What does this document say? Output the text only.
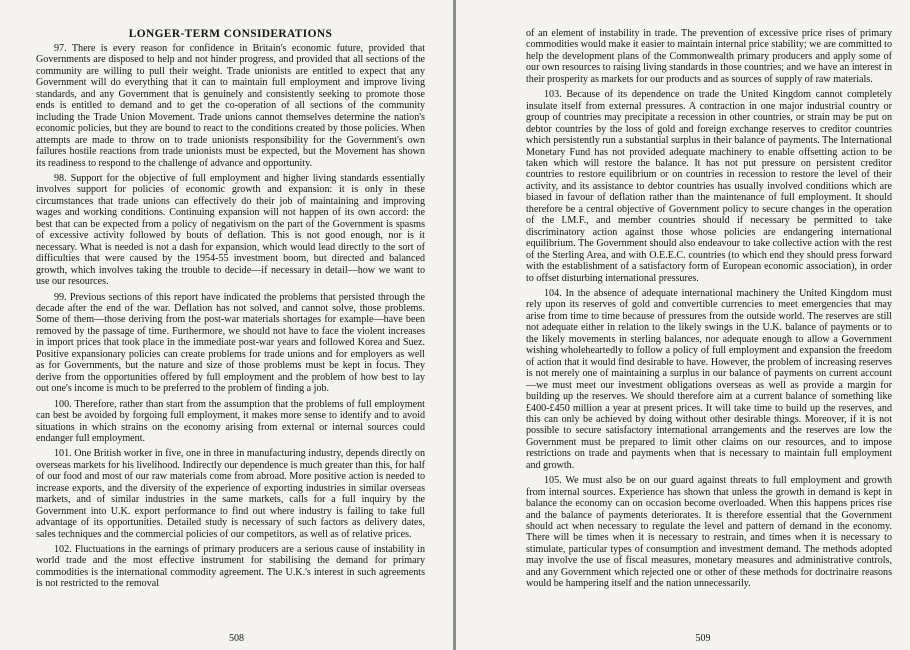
LONGER-TERM CONSIDERATIONS

97. There is every reason for confidence in Britain's economic future, provided that Governments are disposed to help and not hinder progress, and provided that all sections of the community are willing to pull their weight. Trade unionists are entitled to expect that any Government will do everything that it can to maintain full employment and improve living standards, and any Government that is genuinely and consistently seeking to promote those ends is entitled to demand and to get the co-operation of all sections of the community including the Trade Union Movement. Trade unions cannot themselves determine the nation's economic policies, but they are bound to react to the conditions created by those policies. When attempts are made to throw on to trade unionists responsibility for the Government's own failures hostile reactions from trade unionists must be expected, but the Movement has shown its readiness to respond to the challenge of advance and opportunity.

98. Support for the objective of full employment and higher living standards essentially involves support for policies of economic growth and expansion: it is only in these circumstances that trade unions can effectively do their job of maintaining and improving wages and working conditions. Continuing expansion will not happen of its own accord: the best that can be expected from a policy of negativism on the part of the Government is spasms of excessive activity followed by bouts of deflation. This is not good enough, nor is it necessary. What is needed is not a dash for expansion, which would lead directly to the sort of difficulties that were caused by the 1954-55 investment boom, but directed and balanced growth, which involves taking the trouble to decide—if necessary in detail—how we want to use our resources.

99. Previous sections of this report have indicated the problems that persisted through the decade after the end of the war. Deflation has not solved, and cannot solve, those problems. Some of them—those deriving from the post-war materials shortages for example—have been removed by the passage of time. Furthermore, we should not have to face the violent increases in import prices that took place in the immediate post-war years and followed Korea and Suez. Positive expansionary policies can create problems for trade unions and for employers as well as for Governments, but the nature and size of those problems must be kept in focus. They derive from the opportunities offered by full employment and the problem of how best to lay out one's income is much to be preferred to the problem of finding a job.

100. Therefore, rather than start from the assumption that the problems of full employment can best be avoided by forgoing full employment, it makes more sense to identify and to avoid situations in which strains on the economy arising from external or internal sources could endanger full employment.

101. One British worker in five, one in three in manufacturing industry, depends directly on overseas markets for his livelihood. Indirectly our dependence is much greater than this, for half of our food and most of our raw materials come from abroad. More positive action is needed to increase exports, and the diversity of the experience of exporting industries in similar overseas markets, and of similar industries in the same markets, calls for a full inquiry by the Government into U.K. export performance to find out where industry is failing to take full advantage of its opportunities. Detailed study is necessary of such factors as delivery dates, sales techniques and the commercial policies of our competitors, as well as of relative prices.

102. Fluctuations in the earnings of primary producers are a serious cause of instability in world trade and the most effective instrument for stabilising the demand for primary commodities is the international commodity agreement. The U.K.'s interest in such agreements is not restricted to the removal

508

of an element of instability in trade. The prevention of excessive price rises of primary commodities would make it easier to maintain internal price stability; we are committed to help the development plans of the Commonwealth primary producers and apply some of our own resources to raising living standards in those countries; and we have an interest in their prosperity as markets for our products and as sources of supply of raw materials.

103. Because of its dependence on trade the United Kingdom cannot completely insulate itself from external pressures. A contraction in one major industrial country or group of countries may precipitate a recession in other countries, or strain may be put on debtor countries by the loss of gold and foreign exchange reserves to creditor countries which persistently run a substantial surplus in their balance of payments. The International Monetary Fund has not provided adequate machinery to enable offsetting action to be taken which will restore the balance. It has not put pressure on persistent creditor countries to restore equilibrium or on countries in recession to restore the level of their activity, and its assistance to debtor countries has usually involved conditions which are biased in favour of deflation rather than the maintenance of full employment. It should therefore be a central objective of Government policy to secure changes in the operation of the I.M.F., and member countries should if necessary be permitted to take discriminatory action against those whose policies are endangering international equilibrium. The Government should also endeavour to take collective action with the rest of the Sterling Area, and with O.E.E.C. countries (to which end they should press forward with the establishment of a satisfactory form of European economic association), in order to offset disturbing international pressures.

104. In the absence of adequate international machinery the United Kingdom must rely upon its reserves of gold and convertible currencies to meet emergencies that may arise from time to time because of pressures from the outside world. The reserves are still not adequate either in relation to the likely swings in the U.K. balance of payments or to the likely movements in sterling balances, nor adequate enough to allow a Government wishing wholeheartedly to follow a policy of full employment and expansion the freedom of action that it would find desirable to have. However, the problem of increasing reserves is not merely one of maintaining a surplus in our balance of payments on current account—we must meet our investment obligations overseas as well as provide a margin for building up the reserves. We should therefore aim at a current balance of something like £400-£450 million a year at present prices. It will take time to build up the reserves, and this can only be achieved by doing without other desirable things. Moreover, if it is not possible to secure satisfactory international arrangements and the reserves are low the Government must be prepared to limit other claims on our resources, and to impose restrictions on trade and payments when that is necessary to maintain full employment and growth.

105. We must also be on our guard against threats to full employment and growth from internal sources. Experience has shown that unless the growth in demand is kept in balance the economy can on occasion become overloaded. When this happens prices rise and the balance of payments deteriorates. It is therefore essential that the Government should act when necessary to regulate the level and pattern of demand in the economy. There will be times when it is necessary to restrain, and times when it is necessary to stimulate, particular types of consumption and investment demand. The methods adopted may involve the use of fiscal measures, monetary measures and administrative controls, and any Government which rejected one or other of these methods for doctrinaire reasons would be hampering itself and the nation unnecessarily.

509
